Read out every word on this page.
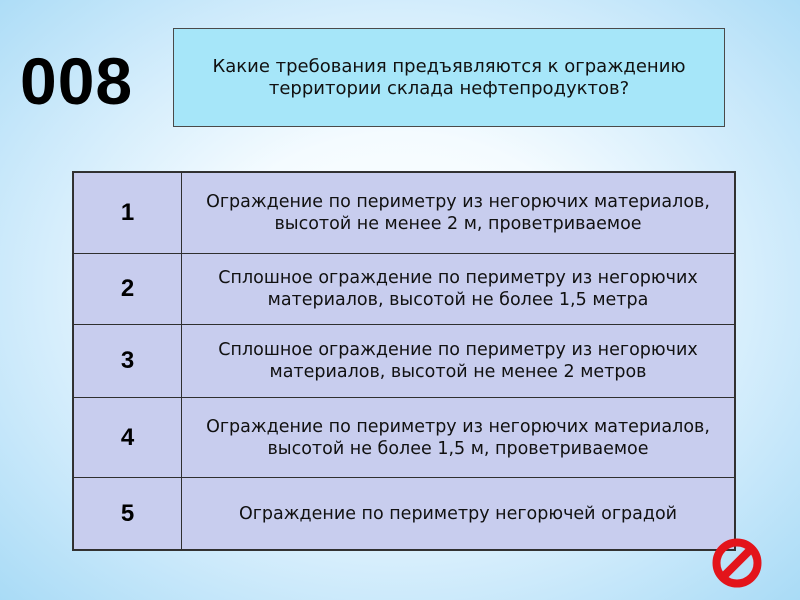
008	Какие требования предъявляются к ограждению территории склада нефтепродуктов?
1	Ограждение по периметру из негорючих материалов, высотой не менее 2 м, проветриваемое
2	Сплошное ограждение по периметру из негорючих материалов, высотой не более 1,5 метра
3	Сплошное ограждение по периметру из негорючих материалов, высотой не менее 2 метров
4	Ограждение по периметру из негорючих материалов, высотой не более 1,5 м, проветриваемое
5	Ограждение по периметру негорючей оградой
